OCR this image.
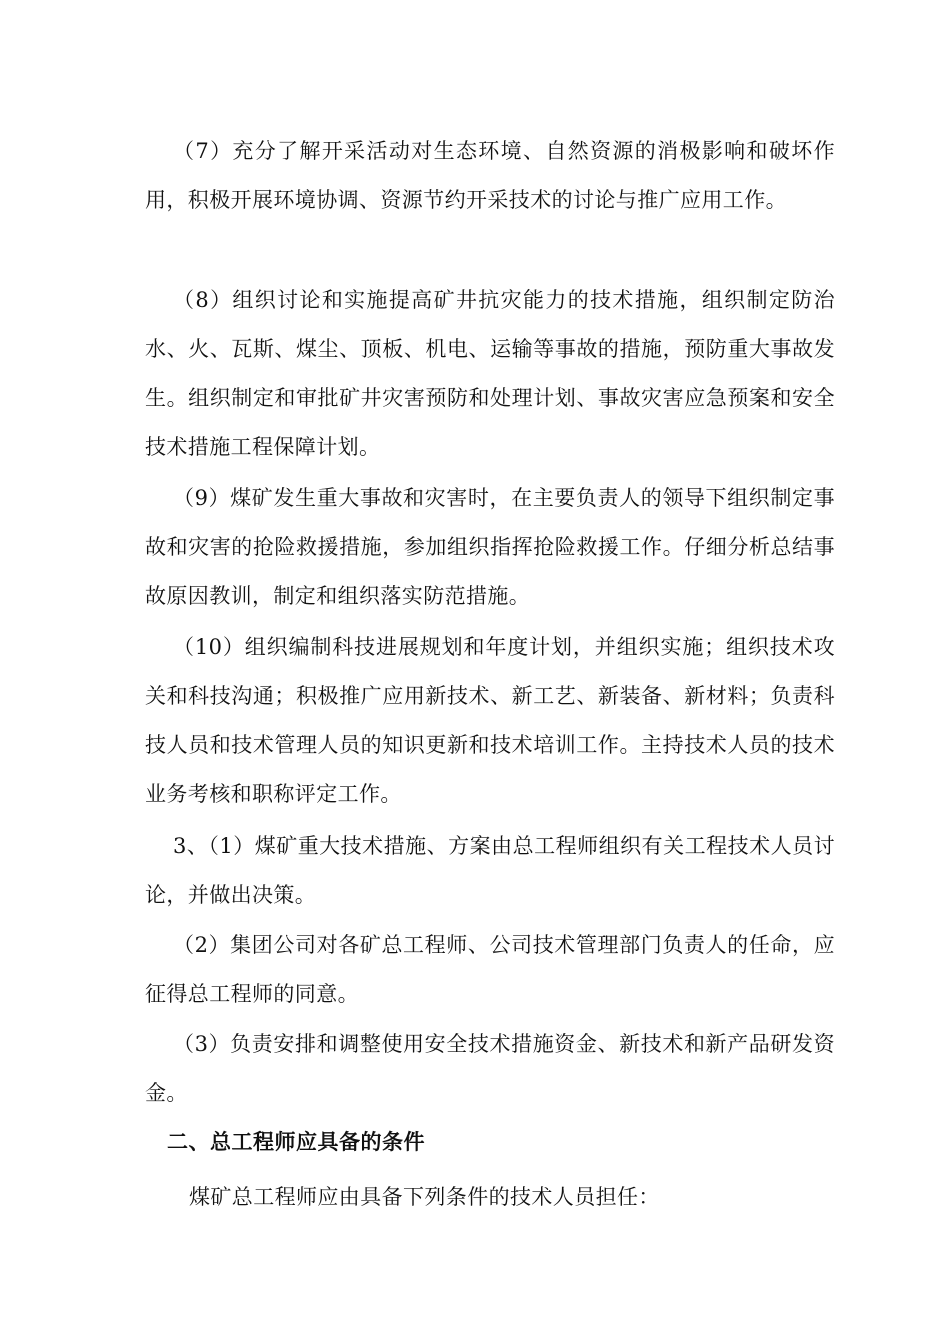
（7）充分了解开采活动对生态环境、自然资源的消极影响和破坏作用，积极开展环境协调、资源节约开采技术的讨论与推广应用工作。

（8）组织讨论和实施提高矿井抗灾能力的技术措施，组织制定防治水、火、瓦斯、煤尘、顶板、机电、运输等事故的措施，预防重大事故发生。组织制定和审批矿井灾害预防和处理计划、事故灾害应急预案和安全技术措施工程保障计划。

（9）煤矿发生重大事故和灾害时，在主要负责人的领导下组织制定事故和灾害的抢险救援措施，参加组织指挥抢险救援工作。仔细分析总结事故原因教训，制定和组织落实防范措施。

（10）组织编制科技进展规划和年度计划，并组织实施；组织技术攻关和科技沟通；积极推广应用新技术、新工艺、新装备、新材料；负责科技人员和技术管理人员的知识更新和技术培训工作。主持技术人员的技术业务考核和职称评定工作。

3、（1）煤矿重大技术措施、方案由总工程师组织有关工程技术人员讨论，并做出决策。

（2）集团公司对各矿总工程师、公司技术管理部门负责人的任命，应征得总工程师的同意。

（3）负责安排和调整使用安全技术措施资金、新技术和新产品研发资金。

二、总工程师应具备的条件

煤矿总工程师应由具备下列条件的技术人员担任：
